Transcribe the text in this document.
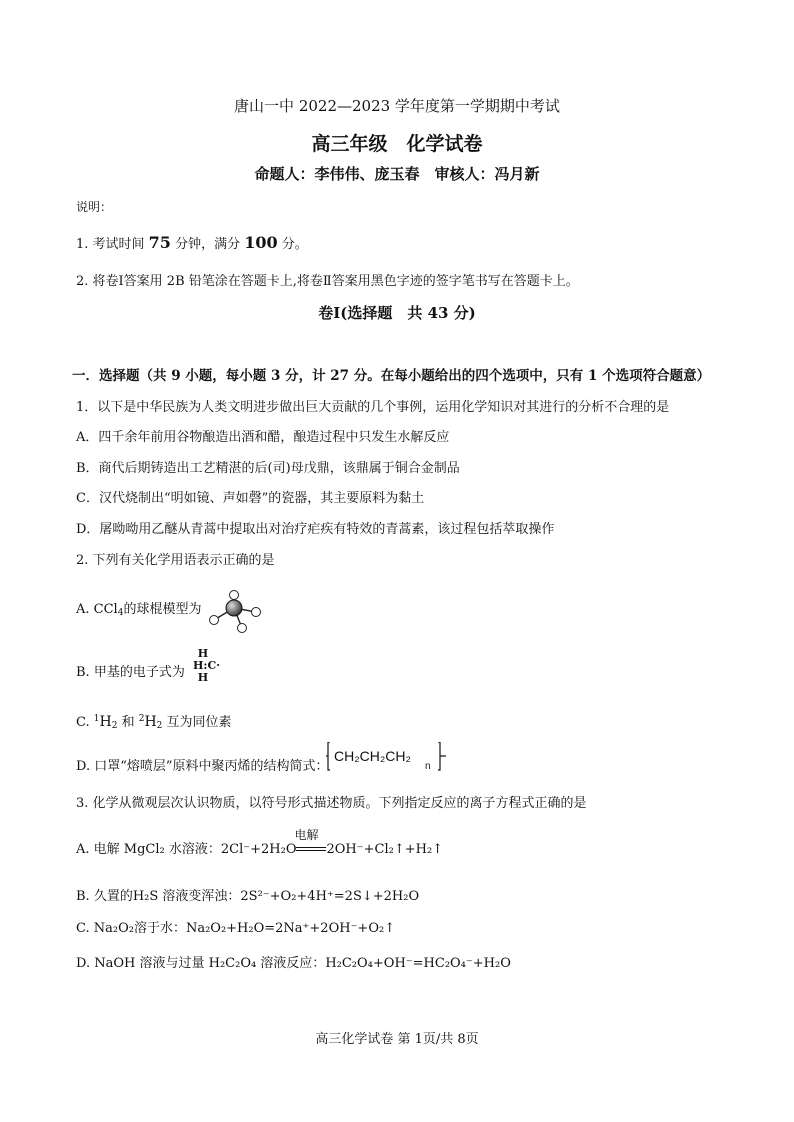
唐山一中 2022—2023 学年度第一学期期中考试
高三年级　化学试卷
命题人：李伟伟、庞玉春　审核人：冯月新
说明：
1. 考试时间 75 分钟，满分 100 分。
2. 将卷Ⅰ答案用 2B 铅笔涂在答题卡上,将卷Ⅱ答案用黑色字迹的签字笔书写在答题卡上。
卷Ⅰ(选择题　共 43 分)
一．选择题（共 9 小题，每小题 3 分，计 27 分。在每小题给出的四个选项中，只有 1 个选项符合题意）
1．以下是中华民族为人类文明进步做出巨大贡献的几个事例，运用化学知识对其进行的分析不合理的是
A．四千余年前用谷物酿造出酒和醋，酿造过程中只发生水解反应
B．商代后期铸造出工艺精湛的后(司)母戊鼎，该鼎属于铜合金制品
C．汉代烧制出“明如镜、声如磬”的瓷器，其主要原料为黏土
D．屠呦呦用乙醚从青蒿中提取出对治疗疟疾有特效的青蒿素，该过程包括萃取操作
2. 下列有关化学用语表示正确的是
A. CCl$_4$的球棍模型为
B. 甲基的电子式为
H
H:C·
H
C. $^1H_2$ 和 $^2H_2$ 互为同位素
D. 口罩“熔喷层”原料中聚丙烯的结构简式：
$CH_2CH_2CH_2_n$
3. 化学从微观层次认识物质，以符号形式描述物质。下列指定反应的离子方程式正确的是
A. 电解 MgCl₂ 水溶液：2Cl⁻+2H₂O
电解
2OH⁻+Cl₂↑+H₂↑
B. 久置的H₂S 溶液变浑浊：2S²⁻+O₂+4H⁺=2S↓+2H₂O
C. Na₂O₂溶于水：Na₂O₂+H₂O=2Na⁺+2OH⁻+O₂↑
D. NaOH 溶液与过量 H₂C₂O₄ 溶液反应：H₂C₂O₄+OH⁻=HC₂O₄⁻+H₂O
高三化学试卷 第 1页/共 8页
